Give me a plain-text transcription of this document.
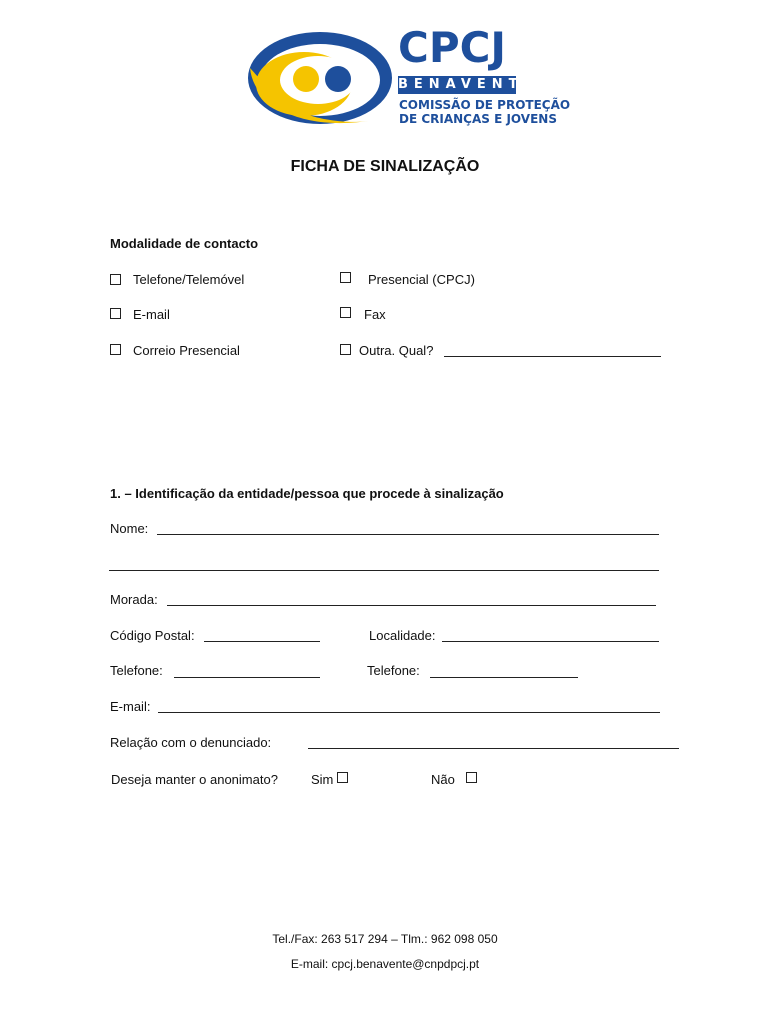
CPCJ
BENAVENTE
COMISSÃO DE PROTEÇÃO
DE CRIANÇAS E JOVENS
FICHA DE SINALIZAÇÃO
Modalidade de contacto
Telefone/Telemóvel	Presencial (CPCJ)
E-mail	Fax
Correio Presencial	Outra. Qual?
1. – Identificação da entidade/pessoa que procede à sinalização
Nome:
Morada:
Código Postal:	Localidade:
Telefone:	Telefone:
E-mail:
Relação com o denunciado:
Deseja manter o anonimato?	Sim	Não
Tel./Fax: 263 517 294 – Tlm.: 962 098 050
E-mail: cpcj.benavente@cnpdpcj.pt
